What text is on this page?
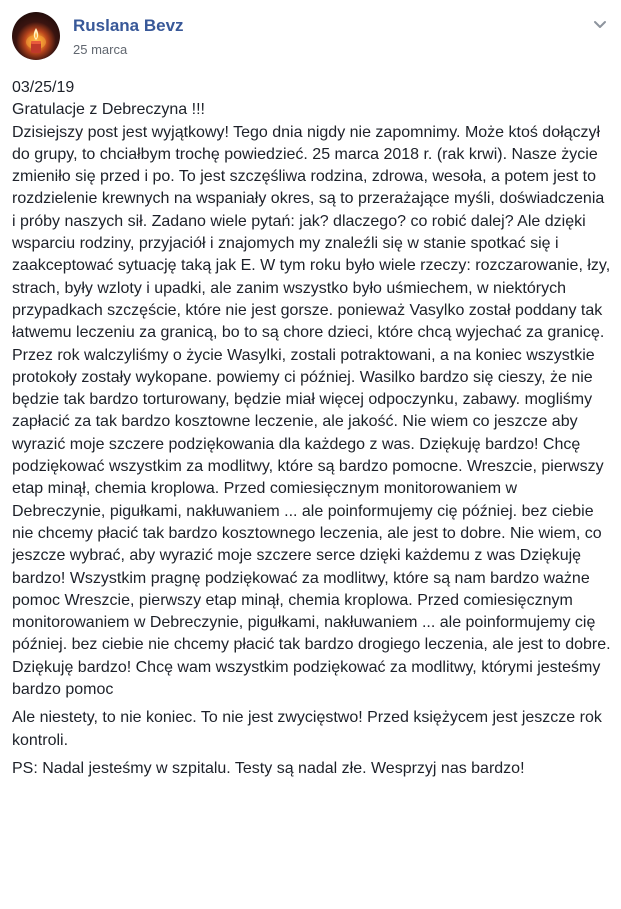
Ruslana Bevz
25 marca

03/25/19

Gratulacje z Debreczyna !!!

Dzisiejszy post jest wyjątkowy! Tego dnia nigdy nie zapomnimy. Może ktoś dołączył do grupy, to chciałbym trochę powiedzieć. 25 marca 2018 r. (rak krwi). Nasze życie zmieniło się przed i po. To jest szczęśliwa rodzina, zdrowa, wesoła, a potem jest to rozdzielenie krewnych na wspaniały okres, są to przerażające myśli, doświadczenia i próby naszych sił. Zadano wiele pytań: jak? dlaczego? co robić dalej? Ale dzięki wsparciu rodziny, przyjaciół i znajomych my znaleźli się w stanie spotkać się i zaakceptować sytuację taką jak E. W tym roku było wiele rzeczy: rozczarowanie, łzy, strach, były wzloty i upadki, ale zanim wszystko było uśmiechem, w niektórych przypadkach szczęście, które nie jest gorsze. ponieważ Vasylko został poddany tak łatwemu leczeniu za granicą, bo to są chore dzieci, które chcą wyjechać za granicę. Przez rok walczyliśmy o życie Wasylki, zostali potraktowani, a na koniec wszystkie protokoły zostały wykopane. powiemy ci później. Wasilko bardzo się cieszy, że nie będzie tak bardzo torturowany, będzie miał więcej odpoczynku, zabawy. mogliśmy zapłacić za tak bardzo kosztowne leczenie, ale jakość. Nie wiem co jeszcze aby wyrazić moje szczere podziękowania dla każdego z was. Dziękuję bardzo! Chcę podziękować wszystkim za modlitwy, które są bardzo pomocne. Wreszcie, pierwszy etap minął, chemia kroplowa. Przed comiesięcznym monitorowaniem w Debreczynie, pigułkami, nakłuwaniem ... ale poinformujemy cię później. bez ciebie nie chcemy płacić tak bardzo kosztownego leczenia, ale jest to dobre. Nie wiem, co jeszcze wybrać, aby wyrazić moje szczere serce dzięki każdemu z was Dziękuję bardzo! Wszystkim pragnę podziękować za modlitwy, które są nam bardzo ważne pomoc Wreszcie, pierwszy etap minął, chemia kroplowa. Przed comiesięcznym monitorowaniem w Debreczynie, pigułkami, nakłuwaniem ... ale poinformujemy cię później. bez ciebie nie chcemy płacić tak bardzo drogiego leczenia, ale jest to dobre. Dziękuję bardzo! Chcę wam wszystkim podziękować za modlitwy, którymi jesteśmy bardzo pomoc

Ale niestety, to nie koniec. To nie jest zwycięstwo! Przed księżycem jest jeszcze rok kontroli.

PS: Nadal jesteśmy w szpitalu. Testy są nadal złe. Wesprzyj nas bardzo!
